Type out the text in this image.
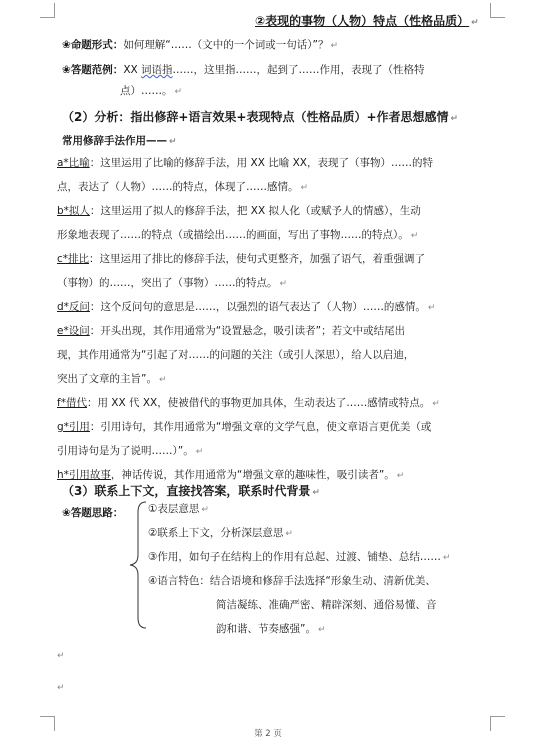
②表现的事物（人物）特点（性格品质） ↵
❀命题形式：如何理解“……（文中的一个词或一句话）”？ ↵
❀答题范例：XX 词语指……，这里指……，起到了……作用，表现了（性格特
点）……。 ↵
（2）分析：指出修辞+语言效果+表现特点（性格品质）+作者思想感情 ↵
常用修辞手法作用—— ↵
a*比喻：这里运用了比喻的修辞手法，用 XX 比喻 XX，表现了（事物）……的特
点，表达了（人物）……的特点，体现了……感情。 ↵
b*拟人：这里运用了拟人的修辞手法，把 XX 拟人化（或赋予人的情感），生动
形象地表现了……的特点（或描绘出……的画面，写出了事物……的特点）。 ↵
c*排比：这里运用了排比的修辞手法，使句式更整齐，加强了语气，着重强调了
（事物）的……，突出了（事物）……的特点。 ↵
d*反问：这个反问句的意思是……，以强烈的语气表达了（人物）……的感情。 ↵
e*设问：开头出现，其作用通常为“设置悬念，吸引读者”；若文中或结尾出
现，其作用通常为“引起了对……的问题的关注（或引人深思），给人以启迪，
突出了文章的主旨”。 ↵
f*借代：用 XX 代 XX，使被借代的事物更加具体，生动表达了……感情或特点。 ↵
g*引用：引用诗句，其作用通常为“增强文章的文学气息，使文章语言更优美（或
引用诗句是为了说明……）”。 ↵
h*引用故事，神话传说，其作用通常为“增强文章的趣味性，吸引读者”。 ↵
（3）联系上下文，直接找答案，联系时代背景 ↵
❀答题思路： ①表层意思 ↵
②联系上下文，分析深层意思 ↵
③作用，如句子在结构上的作用有总起、过渡、铺垫、总结…… ↵
④语言特色：结合语境和修辞手法选择“形象生动、清新优美、
简洁凝练、准确严密、精辟深刻、通俗易懂、音
韵和谐、节奏感强”。 ↵
↵
↵
第 2 页
